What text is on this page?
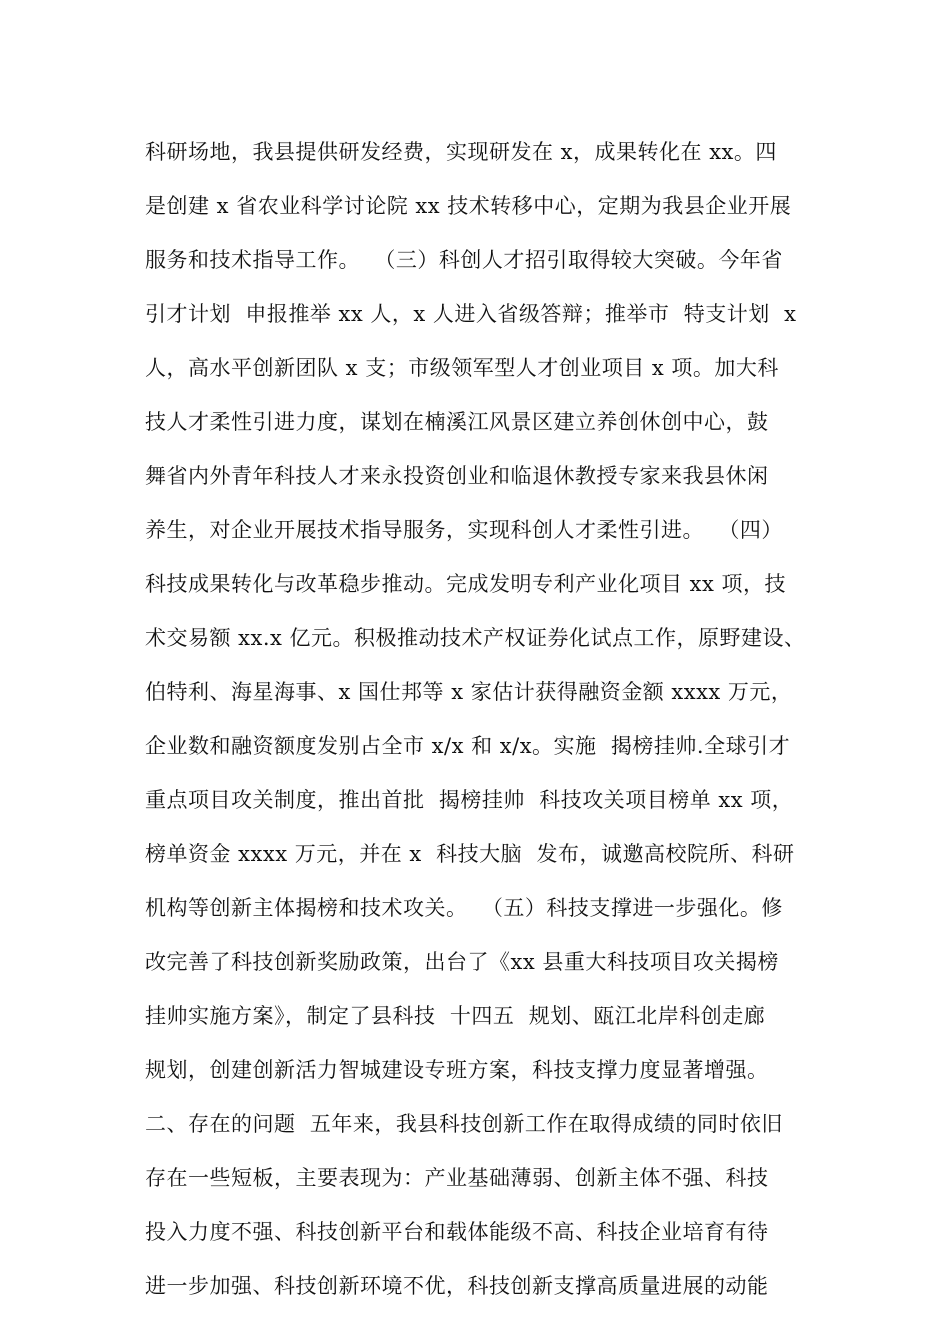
科研场地，我县提供研发经费，实现研发在 x，成果转化在 xx。四
是创建 x 省农业科学讨论院 xx 技术转移中心，定期为我县企业开展
服务和技术指导工作。  （三）科创人才招引取得较大突破。今年省
引才计划  申报推举 xx 人，x 人进入省级答辩；推举市  特支计划  x
人，高水平创新团队 x 支；市级领军型人才创业项目 x 项。加大科
技人才柔性引进力度，谋划在楠溪江风景区建立养创休创中心，鼓
舞省内外青年科技人才来永投资创业和临退休教授专家来我县休闲
养生，对企业开展技术指导服务，实现科创人才柔性引进。  （四）
科技成果转化与改革稳步推动。完成发明专利产业化项目 xx 项，技
术交易额 xx.x 亿元。积极推动技术产权证券化试点工作，原野建设、
伯特利、海星海事、x 国仕邦等 x 家估计获得融资金额 xxxx 万元，
企业数和融资额度发别占全市 x/x 和 x/x。实施  揭榜挂帅.全球引才
重点项目攻关制度，推出首批  揭榜挂帅  科技攻关项目榜单 xx 项，
榜单资金 xxxx 万元，并在 x  科技大脑  发布，诚邀高校院所、科研
机构等创新主体揭榜和技术攻关。  （五）科技支撑进一步强化。修
改完善了科技创新奖励政策，出台了《xx 县重大科技项目攻关揭榜
挂帅实施方案》，制定了县科技  十四五  规划、瓯江北岸科创走廊
规划，创建创新活力智城建设专班方案，科技支撑力度显著增强。
二、存在的问题  五年来，我县科技创新工作在取得成绩的同时依旧
存在一些短板，主要表现为：产业基础薄弱、创新主体不强、科技
投入力度不强、科技创新平台和载体能级不高、科技企业培育有待
进一步加强、科技创新环境不优，科技创新支撑高质量进展的动能
